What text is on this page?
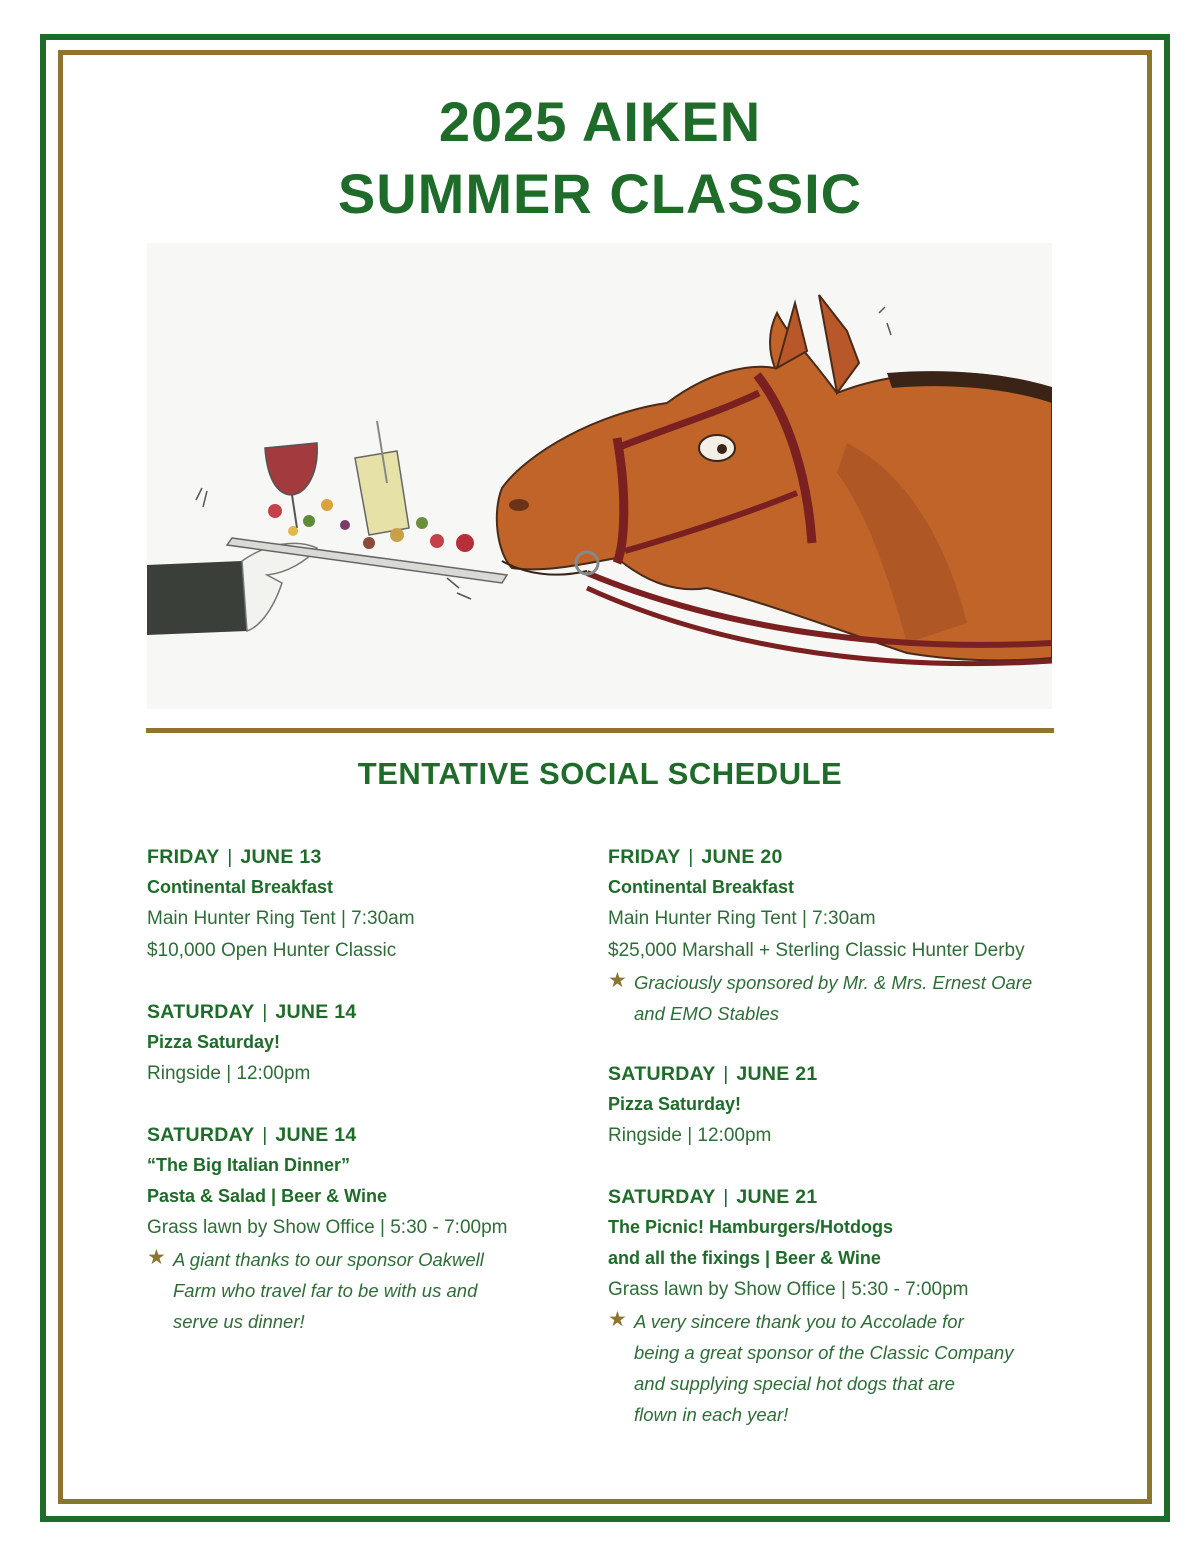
2025 AIKEN
SUMMER CLASSIC
TENTATIVE SOCIAL SCHEDULE
FRIDAY | JUNE 13
Continental Breakfast
Main Hunter Ring Tent | 7:30am
$10,000 Open Hunter Classic
SATURDAY | JUNE 14
Pizza Saturday!
Ringside | 12:00pm
SATURDAY | JUNE 14
“The Big Italian Dinner”
Pasta & Salad | Beer & Wine
Grass lawn by Show Office | 5:30 - 7:00pm
★ A giant thanks to our sponsor Oakwell
Farm who travel far to be with us and
serve us dinner!
FRIDAY | JUNE 20
Continental Breakfast
Main Hunter Ring Tent | 7:30am
$25,000 Marshall + Sterling Classic Hunter Derby
★ Graciously sponsored by Mr. & Mrs. Ernest Oare
and EMO Stables
SATURDAY | JUNE 21
Pizza Saturday!
Ringside | 12:00pm
SATURDAY | JUNE 21
The Picnic! Hamburgers/Hotdogs
and all the fixings | Beer & Wine
Grass lawn by Show Office | 5:30 - 7:00pm
★ A very sincere thank you to Accolade for
being a great sponsor of the Classic Company
and supplying special hot dogs that are
flown in each year!
